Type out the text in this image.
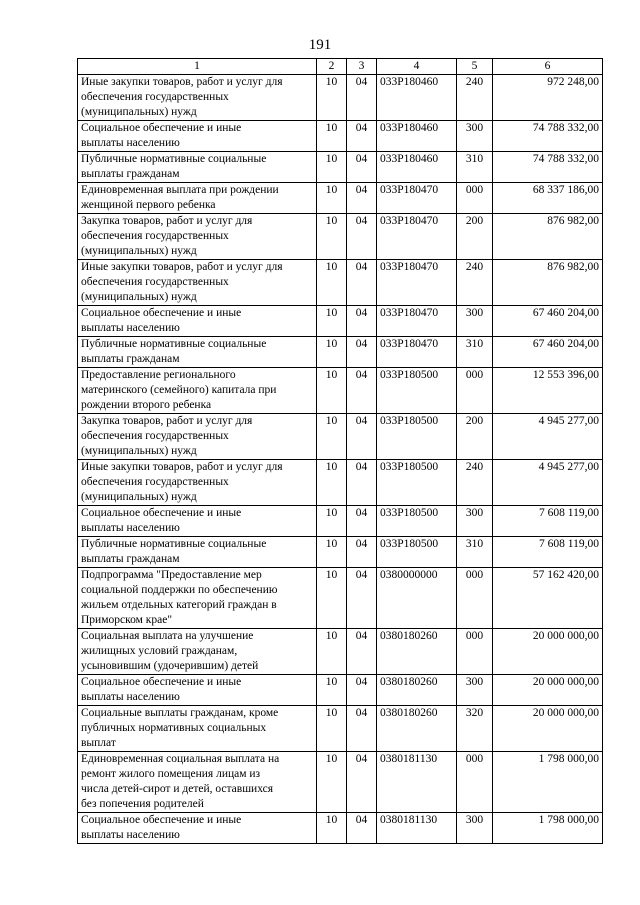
191
1	2	3	4	5	6

Иные закупки товаров, работ и услуг для
обеспечения государственных
(муниципальных) нужд	10	04	033Р180460	240	972 248,00

Социальное обеспечение и иные
выплаты населению	10	04	033Р180460	300	74 788 332,00

Публичные нормативные социальные
выплаты гражданам	10	04	033Р180460	310	74 788 332,00

Единовременная выплата при рождении
женщиной первого ребенка	10	04	033Р180470	000	68 337 186,00

Закупка товаров, работ и услуг для
обеспечения государственных
(муниципальных) нужд	10	04	033Р180470	200	876 982,00

Иные закупки товаров, работ и услуг для
обеспечения государственных
(муниципальных) нужд	10	04	033Р180470	240	876 982,00

Социальное обеспечение и иные
выплаты населению	10	04	033Р180470	300	67 460 204,00

Публичные нормативные социальные
выплаты гражданам	10	04	033Р180470	310	67 460 204,00

Предоставление регионального
материнского (семейного) капитала при
рождении второго ребенка	10	04	033Р180500	000	12 553 396,00

Закупка товаров, работ и услуг для
обеспечения государственных
(муниципальных) нужд	10	04	033Р180500	200	4 945 277,00

Иные закупки товаров, работ и услуг для
обеспечения государственных
(муниципальных) нужд	10	04	033Р180500	240	4 945 277,00

Социальное обеспечение и иные
выплаты населению	10	04	033Р180500	300	7 608 119,00

Публичные нормативные социальные
выплаты гражданам	10	04	033Р180500	310	7 608 119,00

Подпрограмма "Предоставление мер
социальной поддержки по обеспечению
жильем отдельных категорий граждан в
Приморском крае"	10	04	0380000000	000	57 162 420,00

Социальная выплата на улучшение
жилищных условий гражданам,
усыновившим (удочерившим) детей	10	04	0380180260	000	20 000 000,00

Социальное обеспечение и иные
выплаты населению	10	04	0380180260	300	20 000 000,00

Социальные выплаты гражданам, кроме
публичных нормативных социальных
выплат	10	04	0380180260	320	20 000 000,00

Единовременная социальная выплата на
ремонт жилого помещения лицам из
числа детей-сирот и детей, оставшихся
без попечения родителей	10	04	0380181130	000	1 798 000,00

Социальное обеспечение и иные
выплаты населению	10	04	0380181130	300	1 798 000,00
